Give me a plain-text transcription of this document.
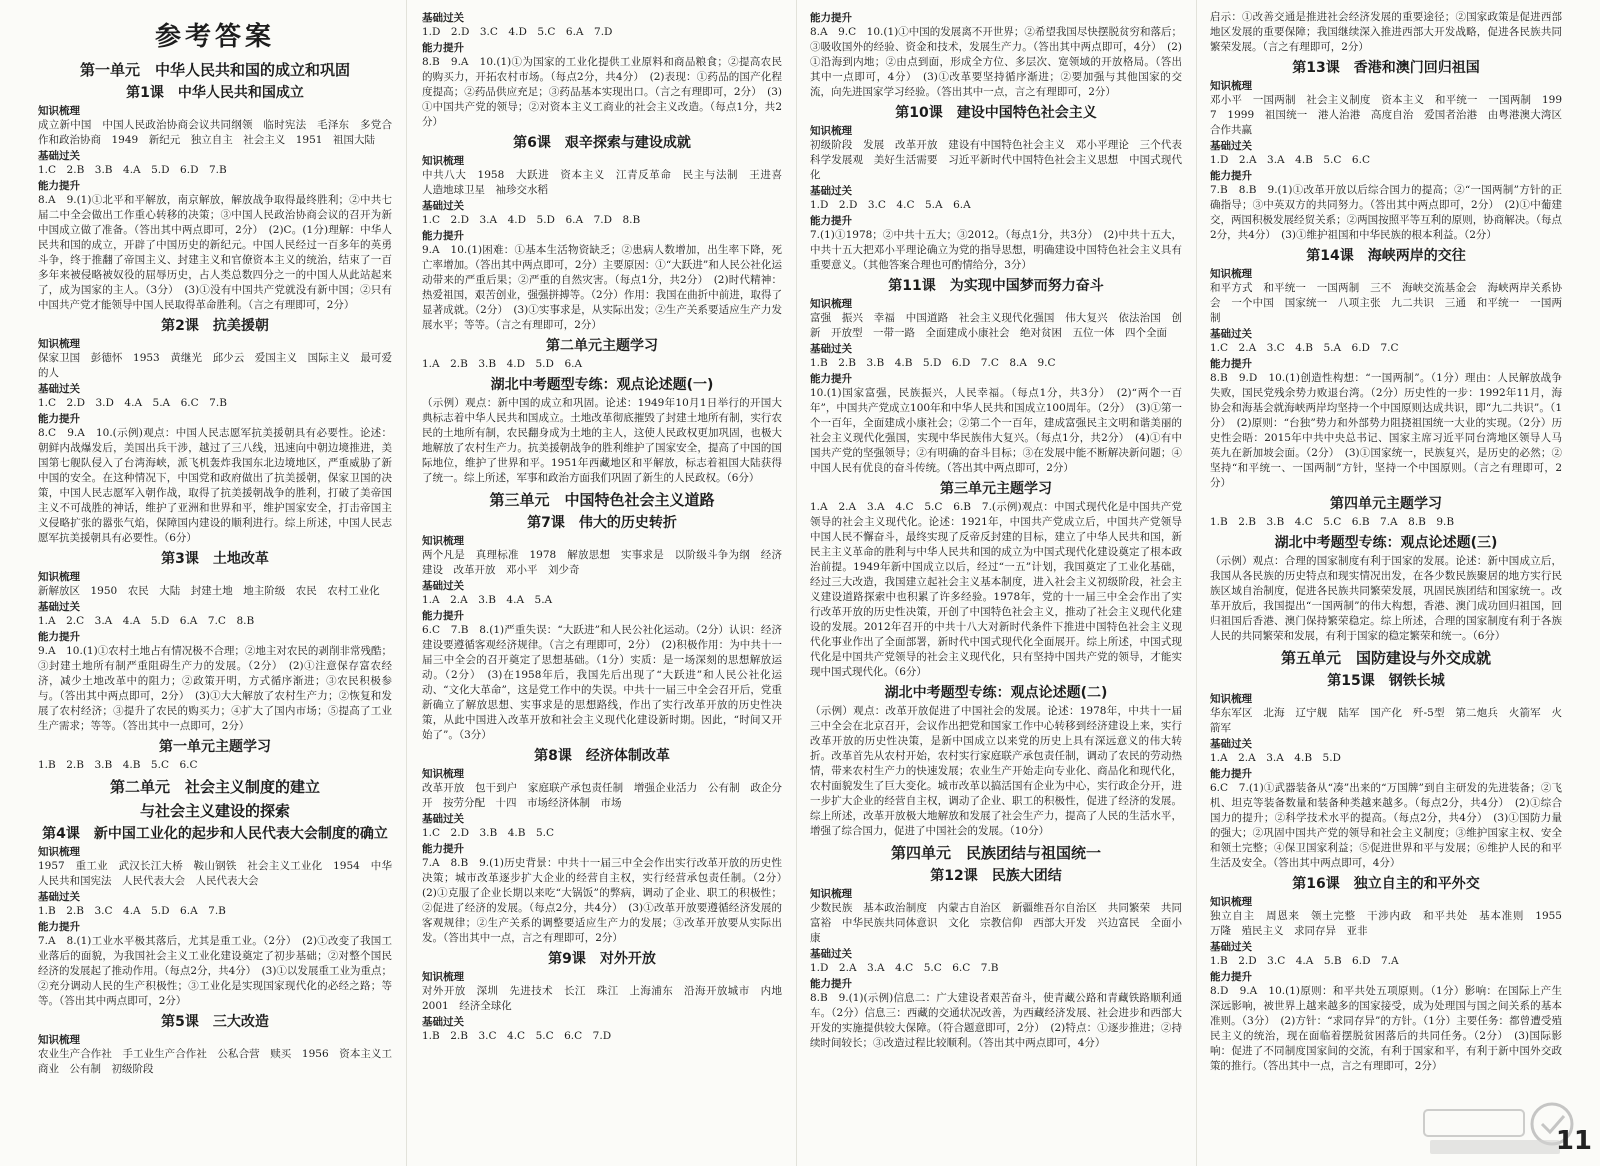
参考答案
第一单元　中华人民共和国的成立和巩固
第1课　中华人民共和国成立
知识梳理
成立新中国　中国人民政治协商会议共同纲领　临时宪法　毛泽东　多党合作和政治协商　1949　新纪元　独立自主　社会主义　1951　祖国大陆
基础过关
1.C　2.B　3.B　4.A　5.D　6.D　7.B
能力提升
8.A　9.(1)①北平和平解放，南京解放，解放战争取得最终胜利；②中共七届二中全会做出工作重心转移的决策；③中国人民政治协商会议的召开为新中国成立做了准备。（答出其中两点即可，2分）　(2)C。(1分)理解：中华人民共和国的成立，开辟了中国历史的新纪元。中国人民经过一百多年的英勇斗争，终于推翻了帝国主义、封建主义和官僚资本主义的统治，结束了一百多年来被侵略被奴役的屈辱历史，占人类总数四分之一的中国人从此站起来了，成为国家的主人。（3分）　(3)①没有中国共产党就没有新中国；②只有中国共产党才能领导中国人民取得革命胜利。（言之有理即可，2分）
第2课　抗美援朝
知识梳理
保家卫国　彭德怀　1953　黄继光　邱少云　爱国主义　国际主义　最可爱的人
基础过关
1.C　2.D　3.D　4.A　5.A　6.C　7.B
能力提升
8.C　9.A　10.(示例)观点：中国人民志愿军抗美援朝具有必要性。论述：朝鲜内战爆发后，美国出兵干涉，越过了三八线，迅速向中朝边境推进，美国第七舰队侵入了台湾海峡，派飞机轰炸我国东北边境地区，严重威胁了新中国的安全。在这种情况下，中国党和政府做出了抗美援朝，保家卫国的决策，中国人民志愿军入朝作战，取得了抗美援朝战争的胜利，打破了美帝国主义不可战胜的神话，维护了亚洲和世界和平，维护国家安全，打击帝国主义侵略扩张的嚣张气焰，保障国内建设的顺利进行。综上所述，中国人民志愿军抗美援朝具有必要性。（6分）
第3课　土地改革
知识梳理
新解放区　1950　农民　大陆　封建土地　地主阶级　农民　农村工业化
基础过关
1.A　2.C　3.A　4.A　5.D　6.A　7.C　8.B
能力提升
9.A　10.(1)①农村土地占有情况极不合理；②地主对农民的剥削非常残酷；③封建土地所有制严重阻碍生产力的发展。（2分）　(2)①注意保存富农经济，减少土地改革中的阻力；②政策开明，方式循序渐进；③农民积极参与。（答出其中两点即可，2分）　(3)①大大解放了农村生产力；②恢复和发展了农村经济；③提升了农民的购买力；④扩大了国内市场；⑤提高了工业生产需求；等等。（答出其中一点即可，2分）
第一单元主题学习
1.B　2.B　3.B　4.B　5.C　6.C
第二单元　社会主义制度的建立
与社会主义建设的探索
第4课　新中国工业化的起步和人民代表大会制度的确立
知识梳理
1957　重工业　武汉长江大桥　鞍山钢铁　社会主义工业化　1954　中华人民共和国宪法　人民代表大会　人民代表大会
基础过关
1.B　2.B　3.C　4.A　5.D　6.A　7.B
能力提升
7.A　8.(1)工业水平极其落后，尤其是重工业。（2分）　(2)①改变了我国工业落后的面貌，为我国社会主义工业化建设奠定了初步基础；②对整个国民经济的发展起了推动作用。（每点2分，共4分）　(3)①以发展重工业为重点；②充分调动人民的生产积极性；③工业化是实现国家现代化的必经之路；等等。（答出其中两点即可，2分）
第5课　三大改造
知识梳理
农业生产合作社　手工业生产合作社　公私合营　赎买　1956　资本主义工商业　公有制　初级阶段
基础过关
1.D　2.D　3.C　4.D　5.C　6.A　7.D
能力提升
8.B　9.A　10.(1)①为国家的工业化提供工业原料和商品粮食；②提高农民的购买力，开拓农村市场。（每点2分，共4分）　(2)表现：①药品的国产化程度提高；②药品供应充足；③药品基本实现出口。（言之有理即可，2分）　(3)①中国共产党的领导；②对资本主义工商业的社会主义改造。（每点1分，共2分）
第6课　艰辛探索与建设成就
知识梳理
中共八大　1958　大跃进　资本主义　江青反革命　民主与法制　王进喜　人造地球卫星　袖珍交水稻
基础过关
1.C　2.D　3.A　4.D　5.D　6.A　7.D　8.B
能力提升
9.A　10.(1)困难：①基本生活物资缺乏；②患病人数增加，出生率下降，死亡率增加。（答出其中两点即可，2分）主要原因：①“大跃进”和人民公社化运动带来的严重后果；②严重的自然灾害。（每点1分，共2分）　(2)时代精神：热爱祖国，艰苦创业，强强拼搏等。（2分）作用：我国在曲折中前进，取得了显著成就。（2分）　(3)①实事求是，从实际出发；②生产关系要适应生产力发展水平；等等。（言之有理即可，2分）
第二单元主题学习
1.A　2.B　3.B　4.D　5.D　6.A
湖北中考题型专练：观点论述题(一)
（示例）观点：新中国的成立和巩固。论述：1949年10月1日举行的开国大典标志着中华人民共和国成立。土地改革彻底摧毁了封建土地所有制，实行农民的土地所有制，农民翻身成为土地的主人，这使人民政权更加巩固，也极大地解放了农村生产力。抗美援朝战争的胜利维护了国家安全，提高了中国的国际地位，维护了世界和平。1951年西藏地区和平解放，标志着祖国大陆获得了统一。综上所述，军事和政治方面我们巩固了新生的人民政权。（6分）
第三单元　中国特色社会主义道路
第7课　伟大的历史转折
知识梳理
两个凡是　真理标准　1978　解放思想　实事求是　以阶级斗争为纲　经济建设　改革开放　邓小平　刘少奇
基础过关
1.A　2.A　3.B　4.A　5.A
能力提升
6.C　7.B　8.(1)严重失误：“大跃进”和人民公社化运动。（2分）认识：经济建设要遵循客观经济规律。（言之有理即可，2分）　(2)积极作用：为中共十一届三中全会的召开奠定了思想基础。（1分）实质：是一场深刻的思想解放运动。（2分）　(3)在1958年后，我国先后出现了“大跃进”和人民公社化运动、“文化大革命”，这是党工作中的失误。中共十一届三中全会召开后，党重新确立了解放思想、实事求是的思想路线，作出了实行改革开放的历史性决策，从此中国进入改革开放和社会主义现代化建设新时期。因此，“时间又开始了”。（3分）
第8课　经济体制改革
知识梳理
改革开放　包干到户　家庭联产承包责任制　增强企业活力　公有制　政企分开　按劳分配　十四　市场经济体制　市场
基础过关
1.C　2.D　3.B　4.B　5.C
能力提升
7.A　8.B　9.(1)历史背景：中共十一届三中全会作出实行改革开放的历史性决策；城市改革逐步扩大企业的经营自主权，实行经营承包责任制。（2分）　(2)①克服了企业长期以来吃“大锅饭”的弊病，调动了企业、职工的积极性；②促进了经济的发展。（每点2分，共4分）　(3)①改革开放要遵循经济发展的客观规律；②生产关系的调整要适应生产力的发展；③改革开放要从实际出发。（答出其中一点，言之有理即可，2分）
第9课　对外开放
知识梳理
对外开放　深圳　先进技术　长江　珠江　上海浦东　沿海开放城市　内地　2001　经济全球化
基础过关
1.B　2.B　3.C　4.C　5.C　6.C　7.D
能力提升
8.A　9.C　10.(1)①中国的发展离不开世界；②希望我国尽快摆脱贫穷和落后；③吸收国外的经验、资金和技术，发展生产力。（答出其中两点即可，4分）　(2)①沿海到内地；②由点到面，形成全方位、多层次、宽领域的开放格局。（答出其中一点即可，4分）　(3)①改革要坚持循序渐进；②要加强与其他国家的交流，向先进国家学习经验。（答出其中一点，言之有理即可，2分）
第10课　建设中国特色社会主义
知识梳理
初级阶段　发展　改革开放　建设有中国特色社会主义　邓小平理论　三个代表　科学发展观　美好生活需要　习近平新时代中国特色社会主义思想　中国式现代化
基础过关
1.D　2.D　3.C　4.C　5.A　6.A
能力提升
7.(1)①1978；②中共十五大；③2012。（每点1分，共3分）　(2)中共十五大，中共十五大把邓小平理论确立为党的指导思想，明确建设中国特色社会主义具有重要意义。（其他答案合理也可酌情给分，3分）
第11课　为实现中国梦而努力奋斗
知识梳理
富强　振兴　幸福　中国道路　社会主义现代化强国　伟大复兴　依法治国　创新　开放型　一带一路　全面建成小康社会　绝对贫困　五位一体　四个全面
基础过关
1.B　2.B　3.B　4.B　5.D　6.D　7.C　8.A　9.C
能力提升
10.(1)国家富强，民族振兴，人民幸福。（每点1分，共3分）　(2)“两个一百年”，中国共产党成立100年和中华人民共和国成立100周年。（2分）　(3)①第一个一百年，全面建成小康社会；②第二个一百年，建成富强民主文明和谐美丽的社会主义现代化强国，实现中华民族伟大复兴。（每点1分，共2分）　(4)①有中国共产党的坚强领导；②有明确的奋斗目标；③在发展中能不断解决新问题；④中国人民有优良的奋斗传统。（答出其中两点即可，2分）
第三单元主题学习
1.A　2.A　3.A　4.C　5.C　6.B　7.(示例)观点：中国式现代化是中国共产党领导的社会主义现代化。论述：1921年，中国共产党成立后，中国共产党领导中国人民不懈奋斗，最终实现了反帝反封建的目标，建立了中华人民共和国，新民主主义革命的胜利与中华人民共和国的成立为中国式现代化建设奠定了根本政治前提。1949年新中国成立以后，经过“一五”计划，我国奠定了工业化基础，经过三大改造，我国建立起社会主义基本制度，进入社会主义初级阶段，社会主义建设道路探索中也积累了许多经验。1978年，党的十一届三中全会作出了实行改革开放的历史性决策，开创了中国特色社会主义，推动了社会主义现代化建设的发展。2012年召开的中共十八大对新时代条件下推进中国特色社会主义现代化事业作出了全面部署，新时代中国式现代化全面展开。综上所述，中国式现代化是中国共产党领导的社会主义现代化，只有坚持中国共产党的领导，才能实现中国式现代化。（6分）
湖北中考题型专练：观点论述题(二)
（示例）观点：改革开放促进了中国社会的发展。论述：1978年，中共十一届三中全会在北京召开，会议作出把党和国家工作中心转移到经济建设上来，实行改革开放的历史性决策，是新中国成立以来党的历史上具有深远意义的伟大转折。改革首先从农村开始，农村实行家庭联产承包责任制，调动了农民的劳动热情，带来农村生产力的快速发展；农业生产开始走向专业化、商品化和现代化，农村面貌发生了巨大变化。城市改革以搞活国有企业为中心，实行政企分开，进一步扩大企业的经营自主权，调动了企业、职工的积极性，促进了经济的发展。综上所述，改革开放极大地解放和发展了社会生产力，提高了人民的生活水平，增强了综合国力，促进了中国社会的发展。（10分）
第四单元　民族团结与祖国统一
第12课　民族大团结
知识梳理
少数民族　基本政治制度　内蒙古自治区　新疆维吾尔自治区　共同繁荣　共同富裕　中华民族共同体意识　文化　宗教信仰　西部大开发　兴边富民　全面小康
基础过关
1.D　2.A　3.A　4.C　5.C　6.C　7.B
能力提升
8.B　9.(1)(示例)信息二：广大建设者艰苦奋斗，使青藏公路和青藏铁路顺利通车。（2分）信息三：西藏的交通状况改善，为西藏经济发展、社会进步和西部大开发的实施提供较大保障。（符合题意即可，2分）　(2)特点：①逐步推进；②持续时间较长；③改造过程比较顺利。（答出其中两点即可，4分）
启示：①改善交通是推进社会经济发展的重要途径；②国家政策是促进西部地区发展的重要保障；我国继续深入推进西部大开发战略，促进各民族共同繁荣发展。（言之有理即可，2分）
第13课　香港和澳门回归祖国
知识梳理
邓小平　一国两制　社会主义制度　资本主义　和平统一　一国两制　1997　1999　祖国统一　港人治港　高度自治　爱国者治港　由粤港澳大湾区　合作共赢
基础过关
1.D　2.A　3.A　4.B　5.C　6.C
能力提升
7.B　8.B　9.(1)①改革开放以后综合国力的提高；②“一国两制”方针的正确指导；③中英双方的共同努力。（答出其中两点即可，2分）　(2)①中葡建交，两国积极发展经贸关系；②两国按照平等互利的原则，协商解决。（每点2分，共4分）　(3)①维护祖国和中华民族的根本利益。（2分）
第14课　海峡两岸的交往
知识梳理
和平方式　和平统一　一国两制　三不　海峡交流基金会　海峡两岸关系协会　一个中国　国家统一　八项主张　九二共识　三通　和平统一　一国两制
基础过关
1.C　2.A　3.C　4.B　5.A　6.D　7.C
能力提升
8.B　9.D　10.(1)创造性构想：“一国两制”。（1分）理由：人民解放战争失败，国民党残余势力败退台湾。（2分）历史性的一步：1992年11月，海协会和海基会就海峡两岸均坚持一个中国原则达成共识，即“九二共识”。（1分）　(2)原则：“台独”势力和外部势力阻挠祖国统一大业的实现。（2分）历史性会晤：2015年中共中央总书记、国家主席习近平同台湾地区领导人马英九在新加坡会面。（2分）　(3)①国家统一，民族复兴，是历史的必然；②坚持“和平统一、一国两制”方针，坚持一个中国原则。（言之有理即可，2分）
第四单元主题学习
1.B　2.B　3.B　4.C　5.C　6.B　7.A　8.B　9.B
湖北中考题型专练：观点论述题(三)
（示例）观点：合理的国家制度有利于国家的发展。论述：新中国成立后，我国从各民族的历史特点和现实情况出发，在各少数民族聚居的地方实行民族区域自治制度，促进各民族共同繁荣发展，巩固民族团结和国家统一。改革开放后，我国提出“一国两制”的伟大构想，香港、澳门成功回归祖国，回归祖国后香港、澳门保持繁荣稳定。综上所述，合理的国家制度有利于各族人民的共同繁荣和发展，有利于国家的稳定繁荣和统一。（6分）
第五单元　国防建设与外交成就
第15课　钢铁长城
知识梳理
华东军区　北海　辽宁舰　陆军　国产化　歼-5型　第二炮兵　火箭军　火箭军
基础过关
1.A　2.A　3.A　4.B　5.D
能力提升
6.C　7.(1)①武器装备从“凑”出来的“万国牌”到自主研发的先进装备；②飞机、坦克等装备数量和装备种类越来越多。（每点2分，共4分）　(2)①综合国力的提升；②科学技术水平的提高。（每点2分，共4分）　(3)①国防力量的强大；②巩固中国共产党的领导和社会主义制度；③维护国家主权、安全和领土完整；④保卫国家利益；⑤促进世界和平与发展；⑥维护人民的和平生活及安全。（答出其中两点即可，4分）
第16课　独立自主的和平外交
知识梳理
独立自主　周恩来　领土完整　干涉内政　和平共处　基本准则　1955　万隆　殖民主义　求同存异　亚非
基础过关
1.B　2.D　3.C　4.A　5.B　6.D　7.A
能力提升
8.D　9.A　10.(1)原则：和平共处五项原则。（1分）影响：在国际上产生深远影响，被世界上越来越多的国家接受，成为处理国与国之间关系的基本准则。（3分）　(2)方针：“求同存异”的方针。（1分）主要任务：都曾遭受殖民主义的统治，现在面临着摆脱贫困落后的共同任务。（2分）　(3)国际影响：促进了不同制度国家间的交流，有利于国家和平，有利于新中国外交政策的推行。（答出其中一点，言之有理即可，2分）
11
